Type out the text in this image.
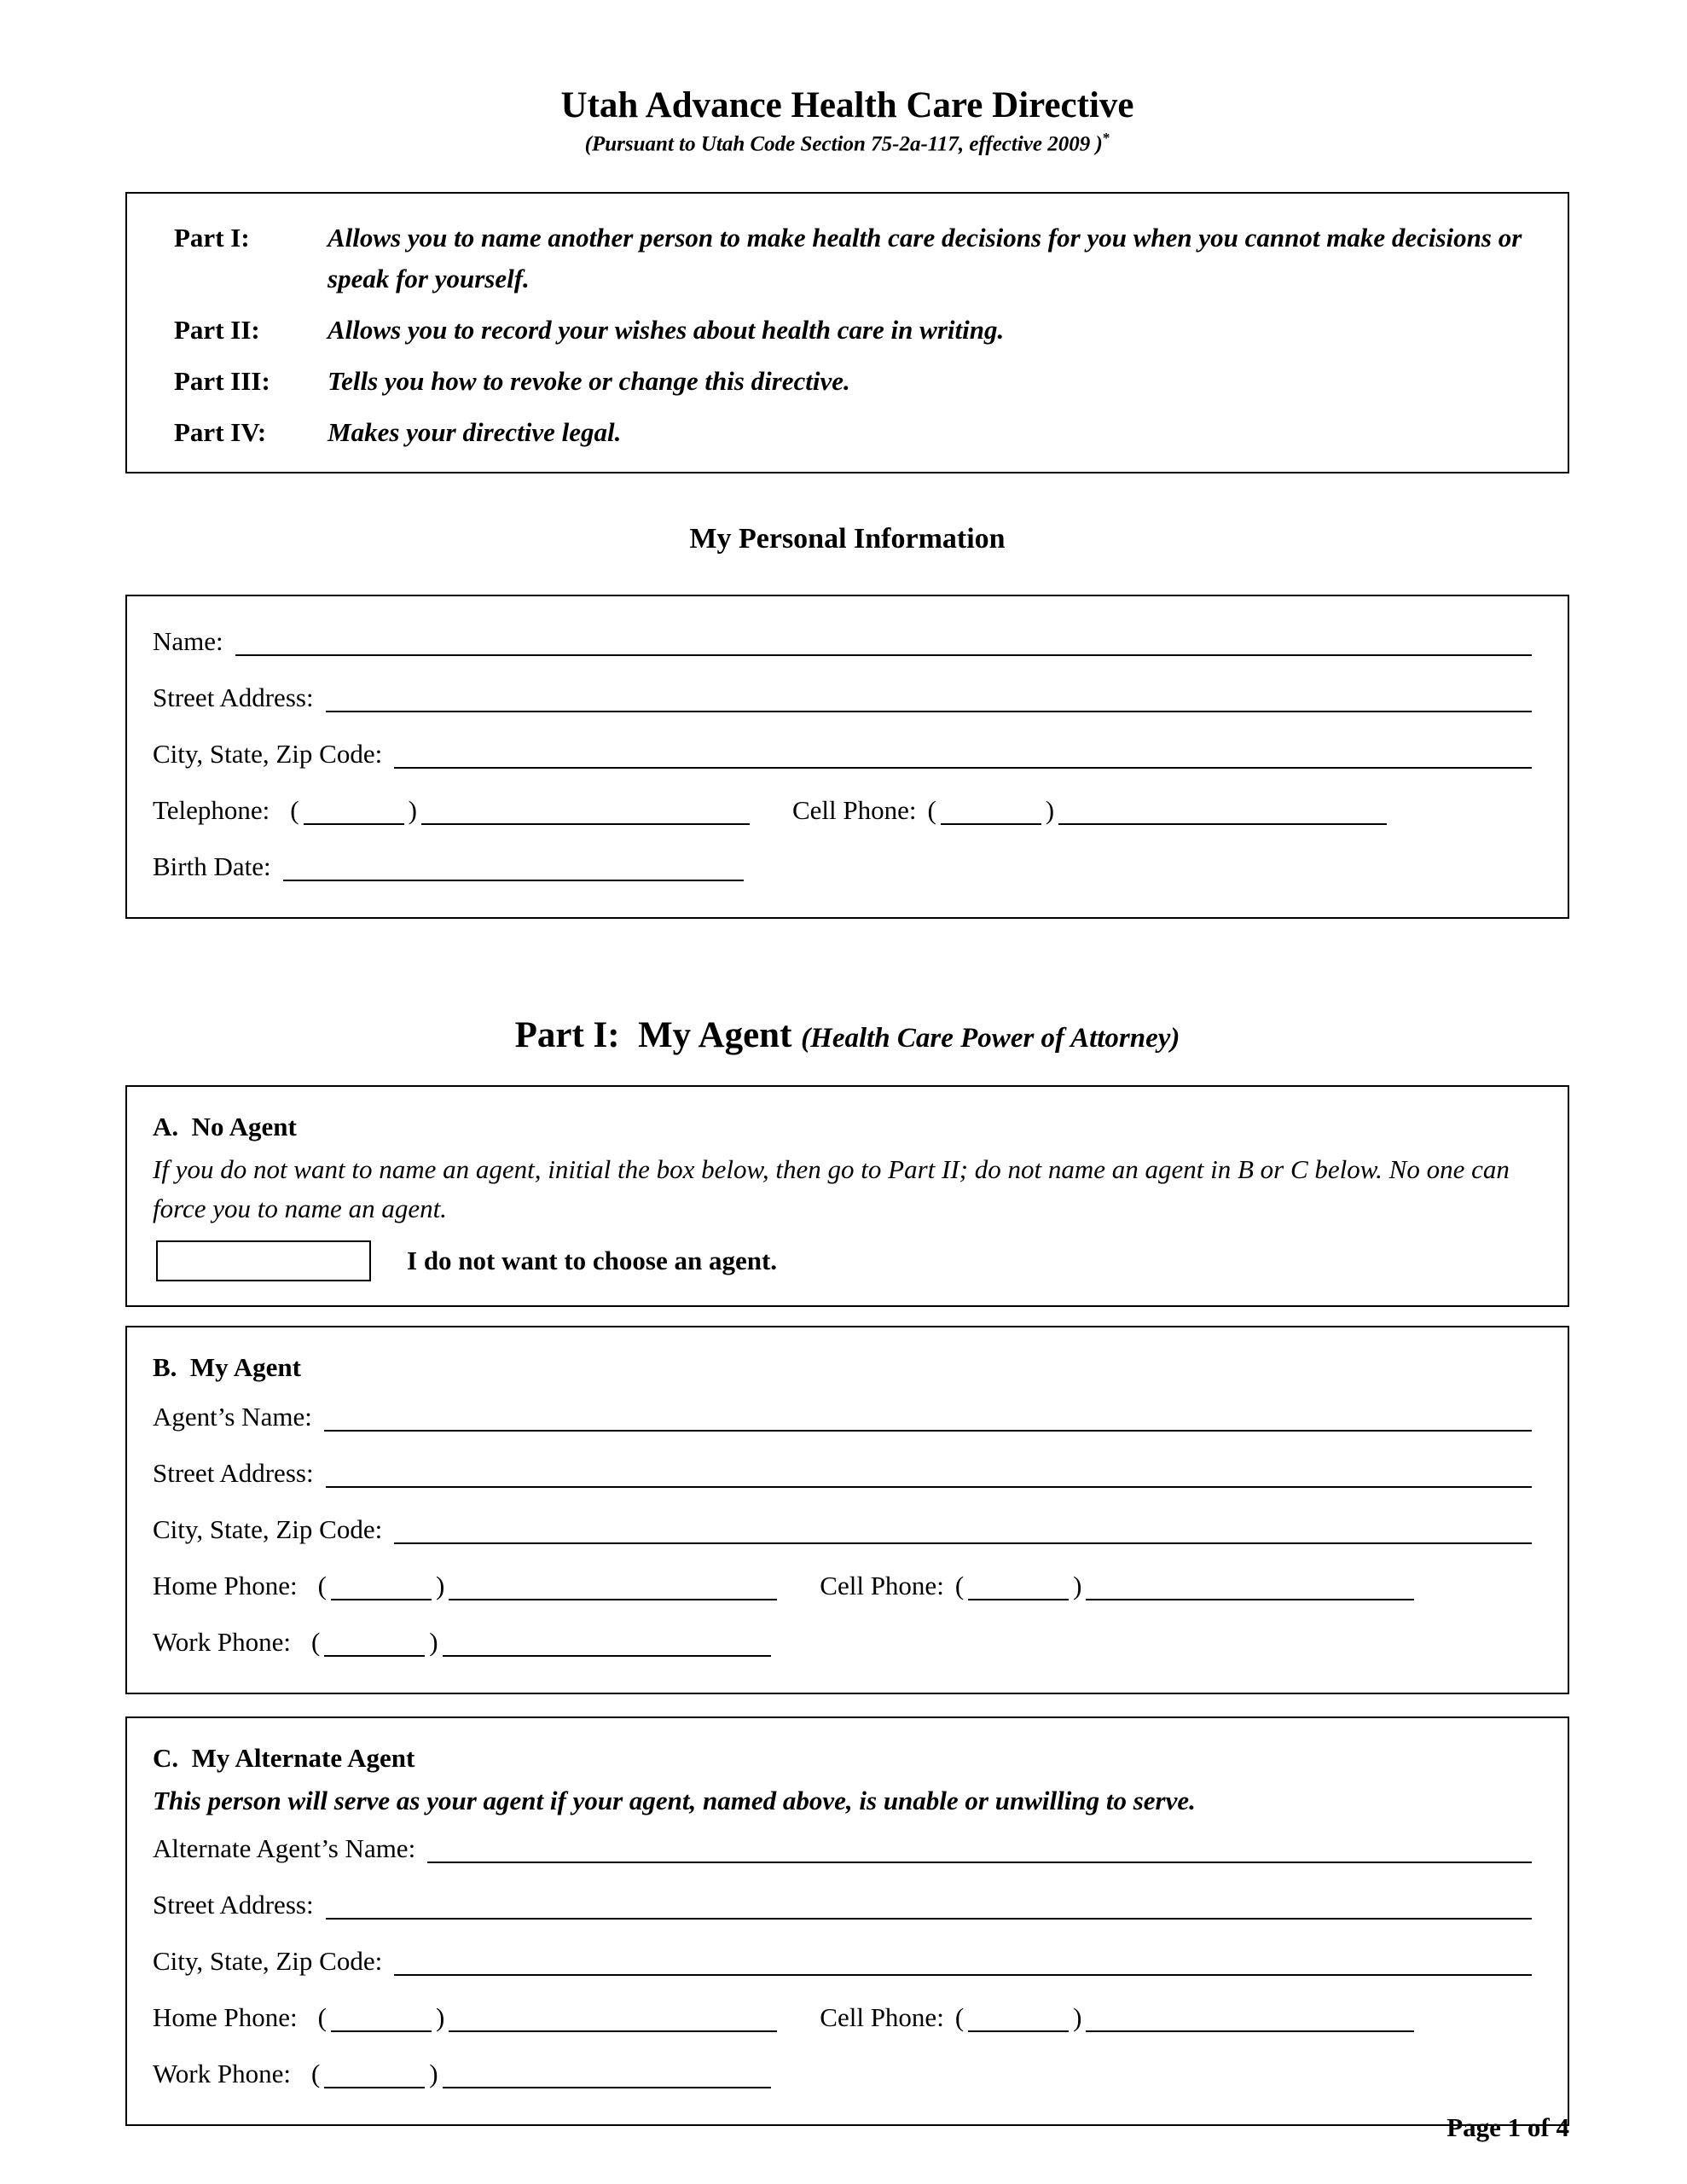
Utah Advance Health Care Directive
(Pursuant to Utah Code Section 75-2a-117, effective 2009 )*
Part I:	Allows you to name another person to make health care decisions for you when you cannot make decisions or speak for yourself.
Part II:	Allows you to record your wishes about health care in writing.
Part III:	Tells you how to revoke or change this directive.
Part IV:	Makes your directive legal.
My Personal Information
Name:
Street Address:
City, State, Zip Code:
Telephone: (	)	Cell Phone: (	)
Birth Date:
Part I:  My Agent (Health Care Power of Attorney)
A.  No Agent
If you do not want to name an agent, initial the box below, then go to Part II; do not name an agent in B or C below. No one can force you to name an agent.
I do not want to choose an agent.
B.  My Agent
Agent’s Name:
Street Address:
City, State, Zip Code:
Home Phone: (	)	Cell Phone: (	)
Work Phone: (	)
C.  My Alternate Agent
This person will serve as your agent if your agent, named above, is unable or unwilling to serve.
Alternate Agent’s Name:
Street Address:
City, State, Zip Code:
Home Phone: (	)	Cell Phone: (	)
Work Phone: (	)
Page 1 of 4
